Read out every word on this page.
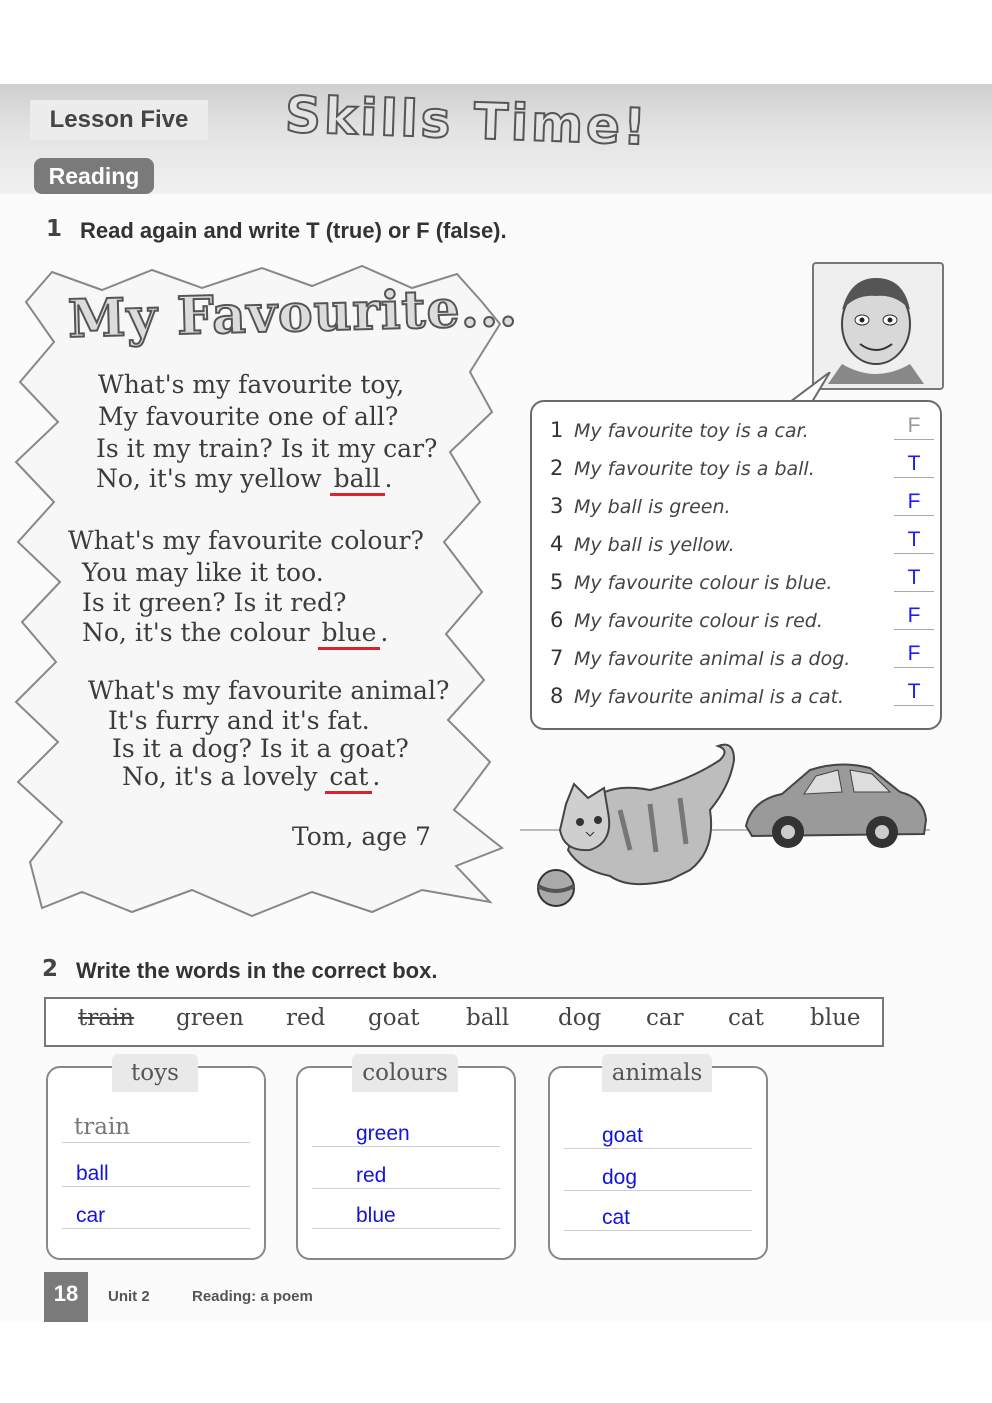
Lesson Five	Skills Time!
Reading
1 Read again and write T (true) or F (false).
My Favourite...
What's my favourite toy,
My favourite one of all?
Is it my train? Is it my car?
No, it's my yellow ball .
What's my favourite colour?
You may like it too.
Is it green? Is it red?
No, it's the colour blue .
What's my favourite animal?
It's furry and it's fat.
Is it a dog? Is it a goat?
No, it's a lovely cat .
Tom, age 7
1 My favourite toy is a car.	F
2 My favourite toy is a ball.	T
3 My ball is green.	F
4 My ball is yellow.	T
5 My favourite colour is blue.	T
6 My favourite colour is red.	F
7 My favourite animal is a dog.	F
8 My favourite animal is a cat.	T
2 Write the words in the correct box.
train green red goat ball dog car cat blue
toys
train
ball
car
colours
green
red
blue
animals
goat
dog
cat
18	Unit 2	Reading: a poem
